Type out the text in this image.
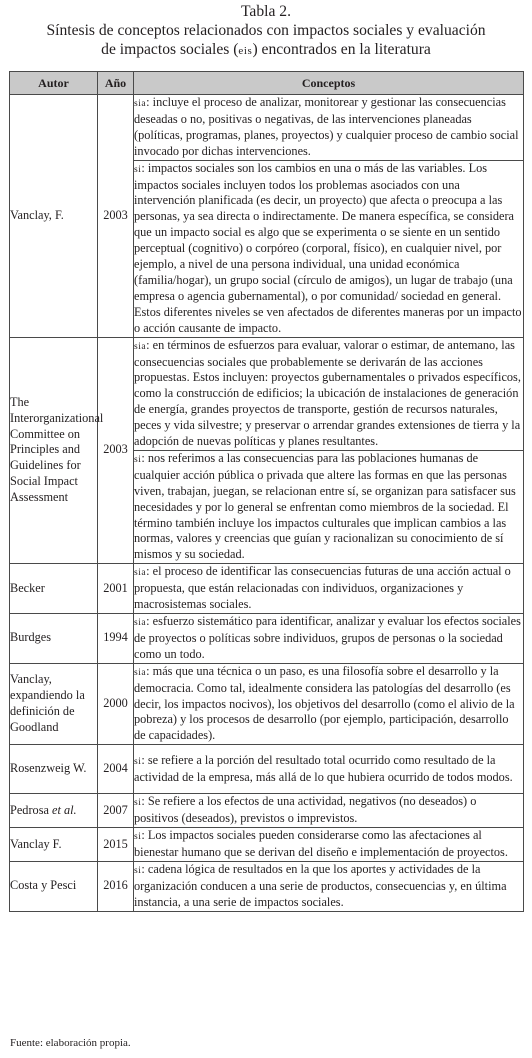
Tabla 2.
Síntesis de conceptos relacionados con impactos sociales y evaluación
de impactos sociales (eis) encontrados en la literatura
Autor	Año	Conceptos
Vanclay, F.	2003	sia: incluye el proceso de analizar, monitorear y gestionar las consecuencias deseadas o no, positivas o negativas, de las intervenciones planeadas (políticas, programas, planes, proyectos) y cualquier proceso de cambio social invocado por dichas intervenciones.
		si: impactos sociales son los cambios en una o más de las variables. Los impactos sociales incluyen todos los problemas asociados con una intervención planificada (es decir, un proyecto) que afecta o preocupa a las personas, ya sea directa o indirectamente. De manera específica, se considera que un impacto social es algo que se experimenta o se siente en un sentido perceptual (cognitivo) o corpóreo (corporal, físico), en cualquier nivel, por ejemplo, a nivel de una persona individual, una unidad económica (familia/hogar), un grupo social (círculo de amigos), un lugar de trabajo (una empresa o agencia gubernamental), o por comunidad/ sociedad en general. Estos diferentes niveles se ven afectados de diferentes maneras por un impacto o acción causante de impacto.
The Interorganizational Committee on Principles and Guidelines for Social Impact Assessment	2003	sia: en términos de esfuerzos para evaluar, valorar o estimar, de antemano, las consecuencias sociales que probablemente se derivarán de las acciones propuestas. Estos incluyen: proyectos gubernamentales o privados específicos, como la construcción de edificios; la ubicación de instalaciones de generación de energía, grandes proyectos de transporte, gestión de recursos naturales, peces y vida silvestre; y preservar o arrendar grandes extensiones de tierra y la adopción de nuevas políticas y planes resultantes.
		si: nos referimos a las consecuencias para las poblaciones humanas de cualquier acción pública o privada que altere las formas en que las personas viven, trabajan, juegan, se relacionan entre sí, se organizan para satisfacer sus necesidades y por lo general se enfrentan como miembros de la sociedad. El término también incluye los impactos culturales que implican cambios a las normas, valores y creencias que guían y racionalizan su conocimiento de sí mismos y su sociedad.
Becker	2001	sia: el proceso de identificar las consecuencias futuras de una acción actual o propuesta, que están relacionadas con individuos, organizaciones y macrosistemas sociales.
Burdges	1994	sia: esfuerzo sistemático para identificar, analizar y evaluar los efectos sociales de proyectos o políticas sobre individuos, grupos de personas o la sociedad como un todo.
Vanclay, expandiendo la definición de Goodland	2000	sia: más que una técnica o un paso, es una filosofía sobre el desarrollo y la democracia. Como tal, idealmente considera las patologías del desarrollo (es decir, los impactos nocivos), los objetivos del desarrollo (como el alivio de la pobreza) y los procesos de desarrollo (por ejemplo, participación, desarrollo de capacidades).
Rosenzweig W.	2004	si: se refiere a la porción del resultado total ocurrido como resultado de la actividad de la empresa, más allá de lo que hubiera ocurrido de todos modos.
Pedrosa et al.	2007	si: Se refiere a los efectos de una actividad, negativos (no deseados) o positivos (deseados), previstos o imprevistos.
Vanclay F.	2015	si: Los impactos sociales pueden considerarse como las afectaciones al bienestar humano que se derivan del diseño e implementación de proyectos.
Costa y Pesci	2016	si: cadena lógica de resultados en la que los aportes y actividades de la organización conducen a una serie de productos, consecuencias y, en última instancia, a una serie de impactos sociales.
Fuente: elaboración propia.
